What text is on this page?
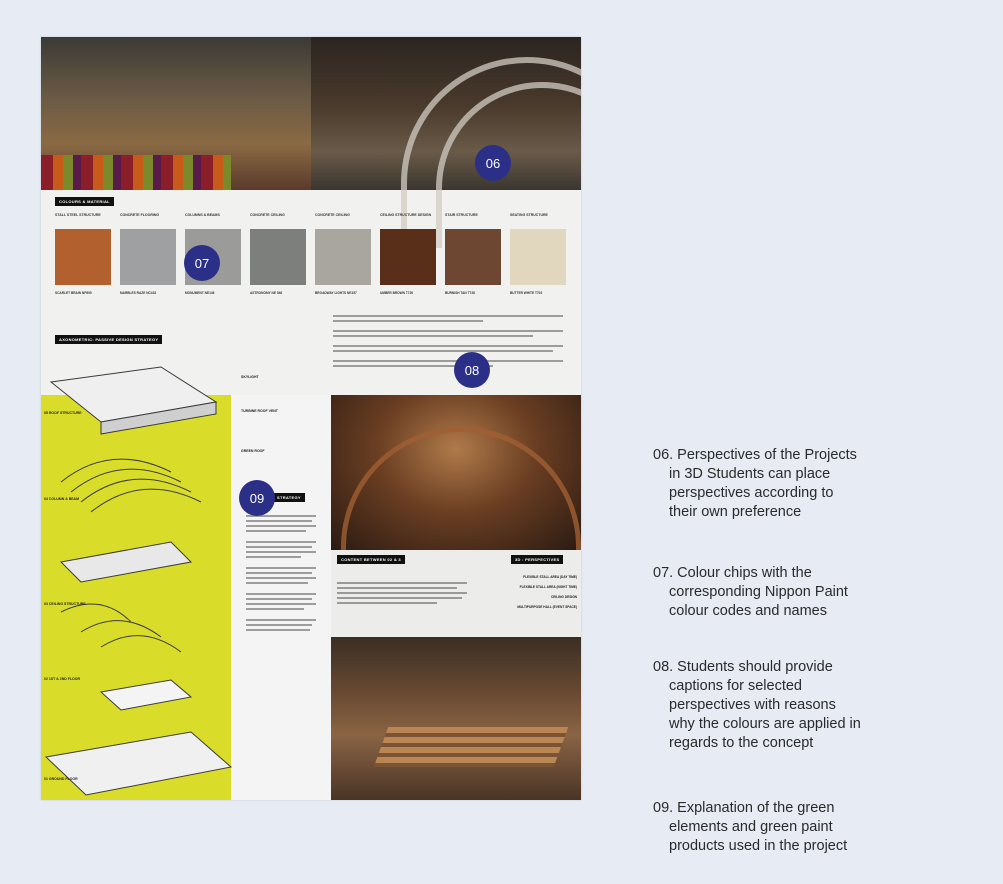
06
COLOURS & MATERIAL
STALL STEEL STRUCTURE
SCARLET BRAIN NP890
CONCRETE FLOORING
MARBLES RAZE NC433
COLUMNS & BEAMS
MONUMENT NE146
CONCRETE CEILING
ASTRONOMY NE 546
CONCRETE CEILING
BROADWAY LIGHTS NE157
CEILING STRUCTURE DESIGN
UMBER BROWN T720
STAIR STRUCTURE
BURNISH TAN T728
SEATING STRUCTURE
BUTTER WHITE T702
07
08
AXONOMETRIC: PASSIVE DESIGN STRATEGY
05 ROOF STRUCTURE
04 COLUMN & BEAM
03 CEILING STRUCTURE
02 1ST & 2ND FLOOR
01 GROUND FLOOR
SKYLIGHT
TURBINE ROOF VENT
GREEN ROOF
STRATEGY
09
CONTENT BETWEEN 02 & 3	3D : PERSPECTIVES
FLEXIBLE STALL AREA (DAY TIME)
FLEXIBLE STALL AREA (NIGHT TIME)
CEILING DESIGN
MULTIPURPOSE HALL (EVENT SPACE)
06. Perspectives of the Projects
in 3D Students can place
perspectives according to
their own preference
07. Colour chips with the
corresponding Nippon Paint
colour codes and names
08. Students should provide
captions for selected
perspectives with reasons
why the colours are applied in
regards to the concept
09. Explanation of the green
elements and green paint
products used in the project
